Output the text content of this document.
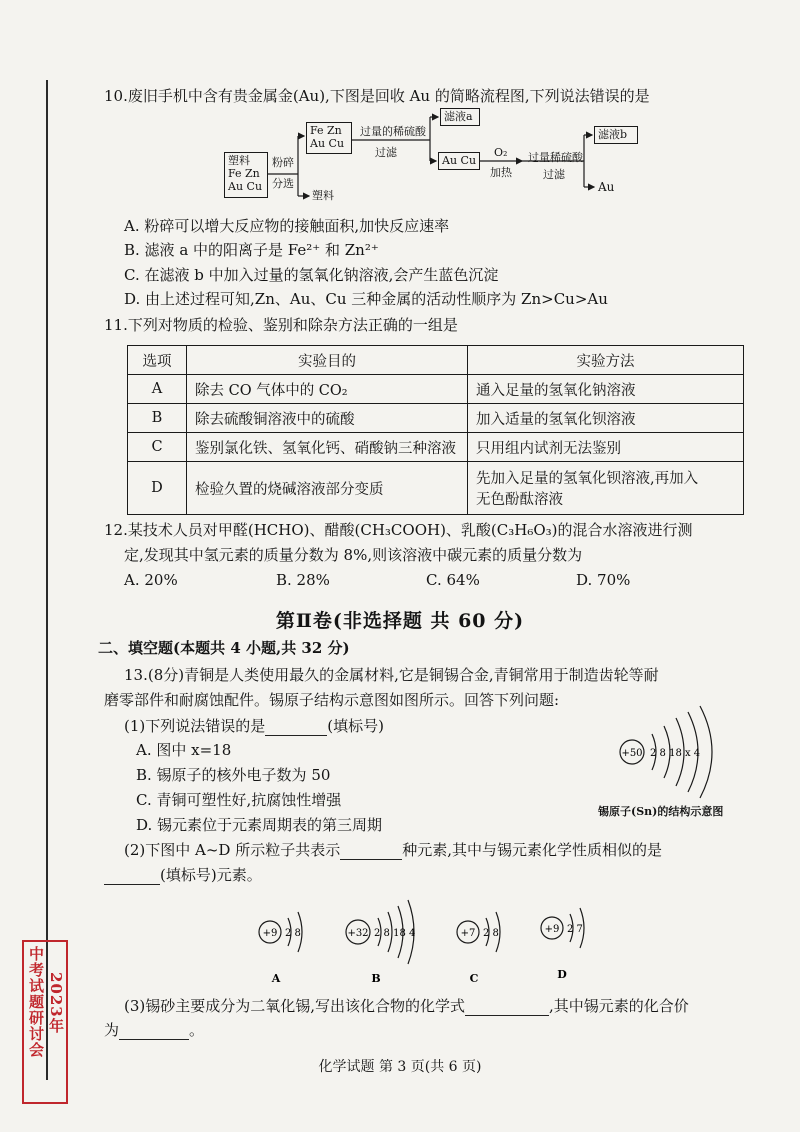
10.废旧手机中含有贵金属金(Au),下图是回收 Au 的简略流程图,下列说法错误的是
塑料
Fe Zn
Au Cu
粉碎
分选
Fe Zn
Au Cu
塑料
过量的稀硫酸
过滤
滤液a
Au Cu
O₂
加热
过量稀硫酸
过滤
滤液b
Au
A. 粉碎可以增大反应物的接触面积,加快反应速率
B. 滤液 a 中的阳离子是 Fe²⁺ 和 Zn²⁺
C. 在滤液 b 中加入过量的氢氧化钠溶液,会产生蓝色沉淀
D. 由上述过程可知,Zn、Au、Cu 三种金属的活动性顺序为 Zn>Cu>Au
11.下列对物质的检验、鉴别和除杂方法正确的一组是
选项	实验目的	实验方法
A	除去 CO 气体中的 CO₂	通入足量的氢氧化钠溶液
B	除去硫酸铜溶液中的硫酸	加入适量的氢氧化钡溶液
C	鉴别氯化铁、氢氧化钙、硝酸钠三种溶液	只用组内试剂无法鉴别
D	检验久置的烧碱溶液部分变质	先加入足量的氢氧化钡溶液,再加入
无色酚酞溶液
12.某技术人员对甲醛(HCHO)、醋酸(CH₃COOH)、乳酸(C₃H₆O₃)的混合水溶液进行测
定,发现其中氢元素的质量分数为 8%,则该溶液中碳元素的质量分数为
A. 20%	B. 28%	C. 64%	D. 70%
第Ⅱ卷(非选择题 共 60 分)
二、填空题(本题共 4 小题,共 32 分)
13.(8分)青铜是人类使用最久的金属材料,它是铜锡合金,青铜常用于制造齿轮等耐
磨零部件和耐腐蚀配件。锡原子结构示意图如图所示。回答下列问题:
(1)下列说法错误的是	(填标号)
A. 图中 x=18
B. 锡原子的核外电子数为 50
C. 青铜可塑性好,抗腐蚀性增强
D. 锡元素位于元素周期表的第三周期
+50 2 8 18 x 4
锡原子(Sn)的结构示意图
(2)下图中 A~D 所示粒子共表示	种元素,其中与锡元素化学性质相似的是
(填标号)元素。
+9 2 8
A
+32 2 8 18 4
B
+7 2 8
C
+9 2 7
D
(3)锡砂主要成分为二氧化锡,写出该化合物的化学式	,其中锡元素的化合价
为	。
中考试题研讨会 2023年
化学试题 第 3 页(共 6 页)
